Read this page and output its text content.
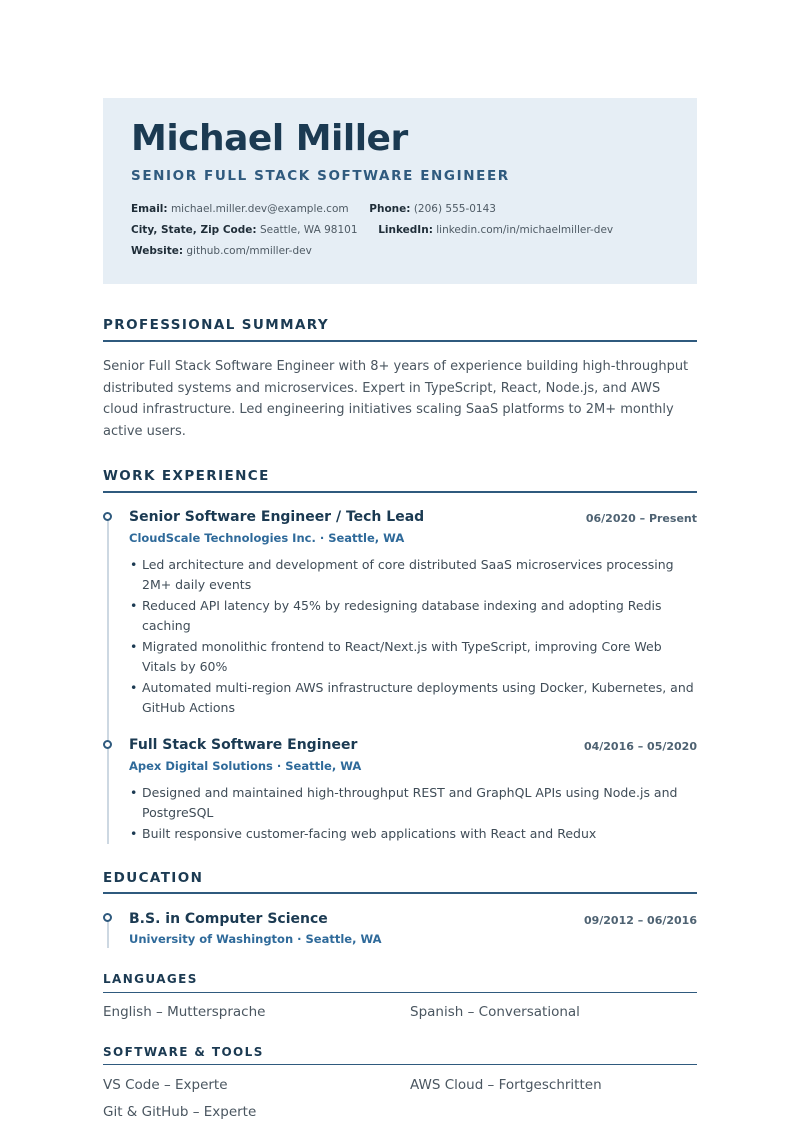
Michael Miller
SENIOR FULL STACK SOFTWARE ENGINEER
Email: michael.miller.dev@example.com Phone: (206) 555-0143
City, State, Zip Code: Seattle, WA 98101 LinkedIn: linkedin.com/in/michaelmiller-dev
Website: github.com/mmiller-dev
PROFESSIONAL SUMMARY
Senior Full Stack Software Engineer with 8+ years of experience building high-throughput distributed systems and microservices. Expert in TypeScript, React, Node.js, and AWS cloud infrastructure. Led engineering initiatives scaling SaaS platforms to 2M+ monthly active users.
WORK EXPERIENCE
Senior Software Engineer / Tech Lead	06/2020 – Present
CloudScale Technologies Inc. · Seattle, WA
• Led architecture and development of core distributed SaaS microservices processing 2M+ daily events
• Reduced API latency by 45% by redesigning database indexing and adopting Redis caching
• Migrated monolithic frontend to React/Next.js with TypeScript, improving Core Web Vitals by 60%
• Automated multi-region AWS infrastructure deployments using Docker, Kubernetes, and GitHub Actions
Full Stack Software Engineer	04/2016 – 05/2020
Apex Digital Solutions · Seattle, WA
• Designed and maintained high-throughput REST and GraphQL APIs using Node.js and PostgreSQL
• Built responsive customer-facing web applications with React and Redux
EDUCATION
B.S. in Computer Science	09/2012 – 06/2016
University of Washington · Seattle, WA
LANGUAGES
English – Muttersprache	Spanish – Conversational
SOFTWARE & TOOLS
VS Code – Experte	AWS Cloud – Fortgeschritten
Git & GitHub – Experte
